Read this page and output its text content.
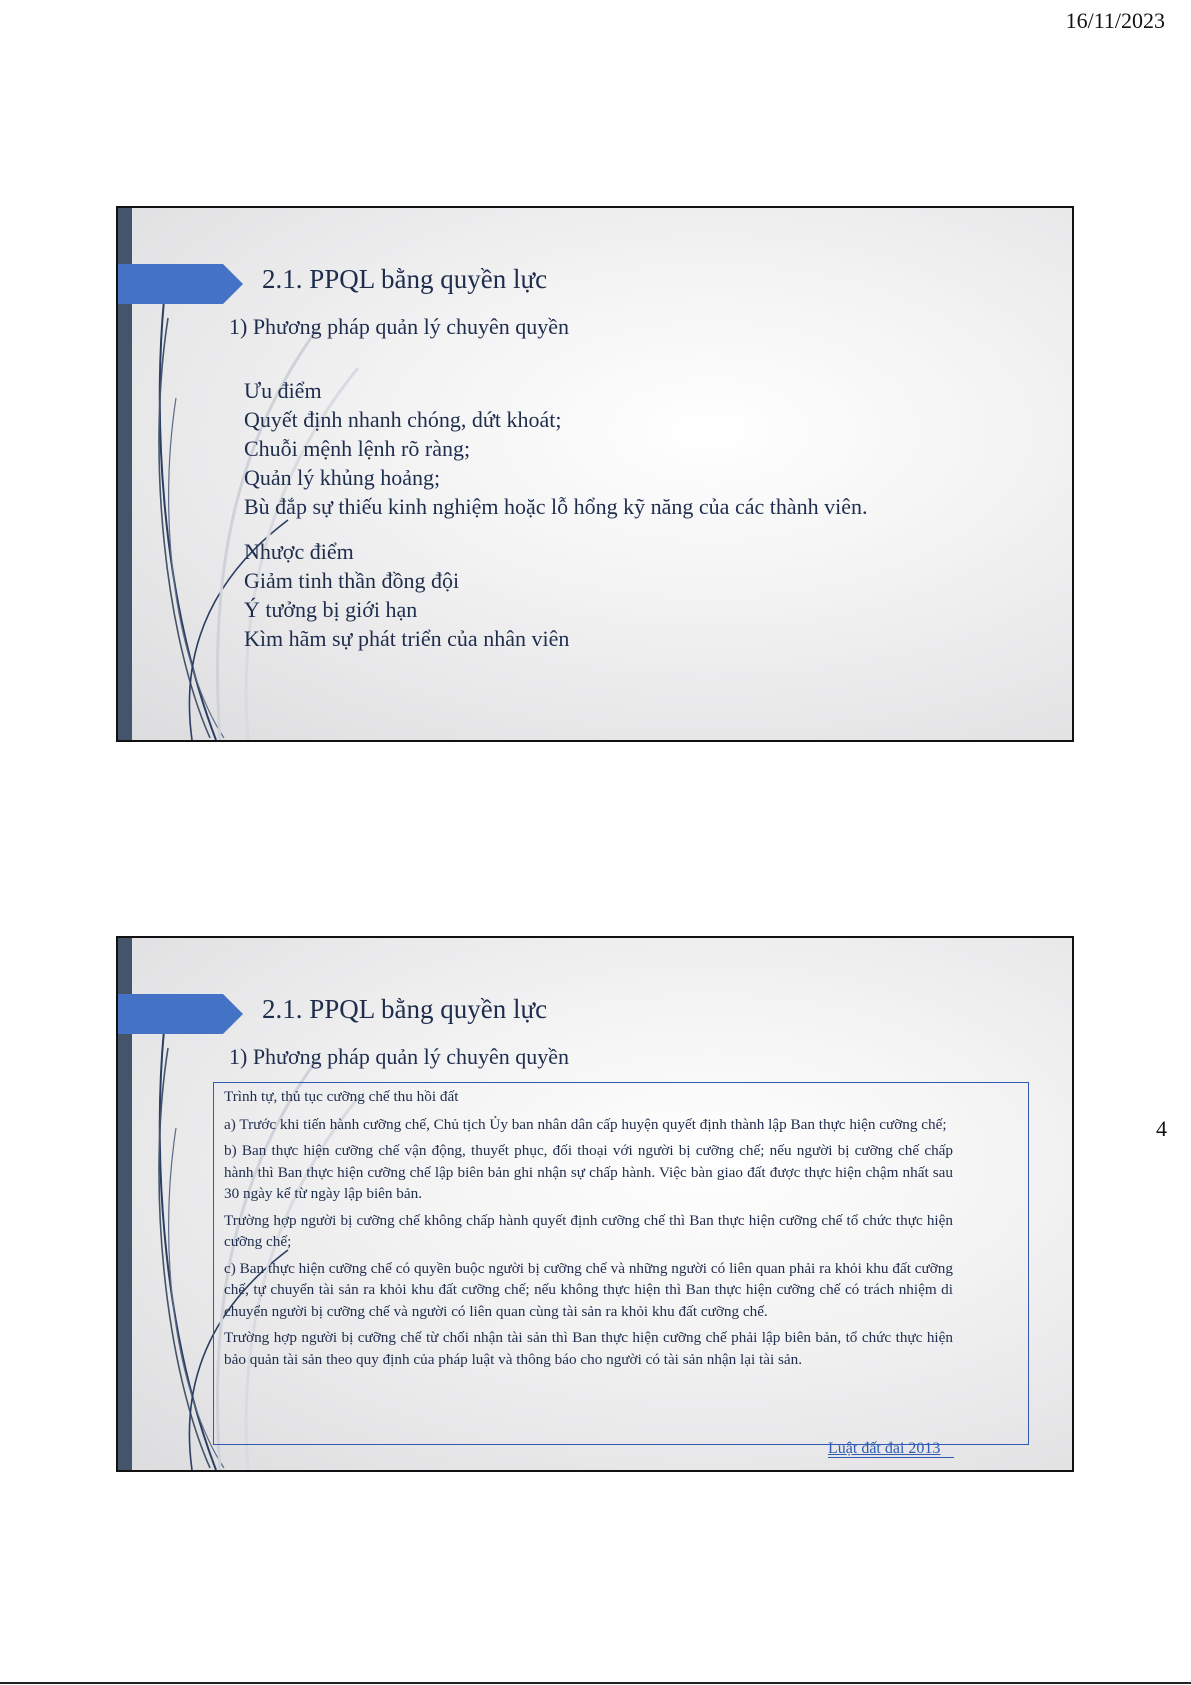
16/11/2023
2.1. PPQL bằng quyền lực
1) Phương pháp quản lý chuyên quyền
Ưu điểm
Quyết định nhanh chóng, dứt khoát;
Chuỗi mệnh lệnh rõ ràng;
Quản lý khủng hoảng;
Bù đắp sự thiếu kinh nghiệm hoặc lỗ hổng kỹ năng của các thành viên.
Nhược điểm
Giảm tinh thần đồng đội
Ý tưởng bị giới hạn
Kìm hãm sự phát triển của nhân viên
2.1. PPQL bằng quyền lực
1) Phương pháp quản lý chuyên quyền

Trình tự, thủ tục cưỡng chế thu hồi đất

a) Trước khi tiến hành cưỡng chế, Chủ tịch Ủy ban nhân dân cấp huyện quyết định thành lập Ban thực hiện cưỡng chế;

b) Ban thực hiện cưỡng chế vận động, thuyết phục, đối thoại với người bị cưỡng chế; nếu người bị cưỡng chế chấp hành thì Ban thực hiện cưỡng chế lập biên bản ghi nhận sự chấp hành. Việc bàn giao đất được thực hiện chậm nhất sau 30 ngày kể từ ngày lập biên bản.

Trường hợp người bị cưỡng chế không chấp hành quyết định cưỡng chế thì Ban thực hiện cưỡng chế tổ chức thực hiện cưỡng chế;

c) Ban thực hiện cưỡng chế có quyền buộc người bị cưỡng chế và những người có liên quan phải ra khỏi khu đất cưỡng chế, tự chuyển tài sản ra khỏi khu đất cưỡng chế; nếu không thực hiện thì Ban thực hiện cưỡng chế có trách nhiệm di chuyển người bị cưỡng chế và người có liên quan cùng tài sản ra khỏi khu đất cưỡng chế.

Trường hợp người bị cưỡng chế từ chối nhận tài sản thì Ban thực hiện cưỡng chế phải lập biên bản, tổ chức thực hiện bảo quản tài sản theo quy định của pháp luật và thông báo cho người có tài sản nhận lại tài sản.

Luật đất đai 2013
4
